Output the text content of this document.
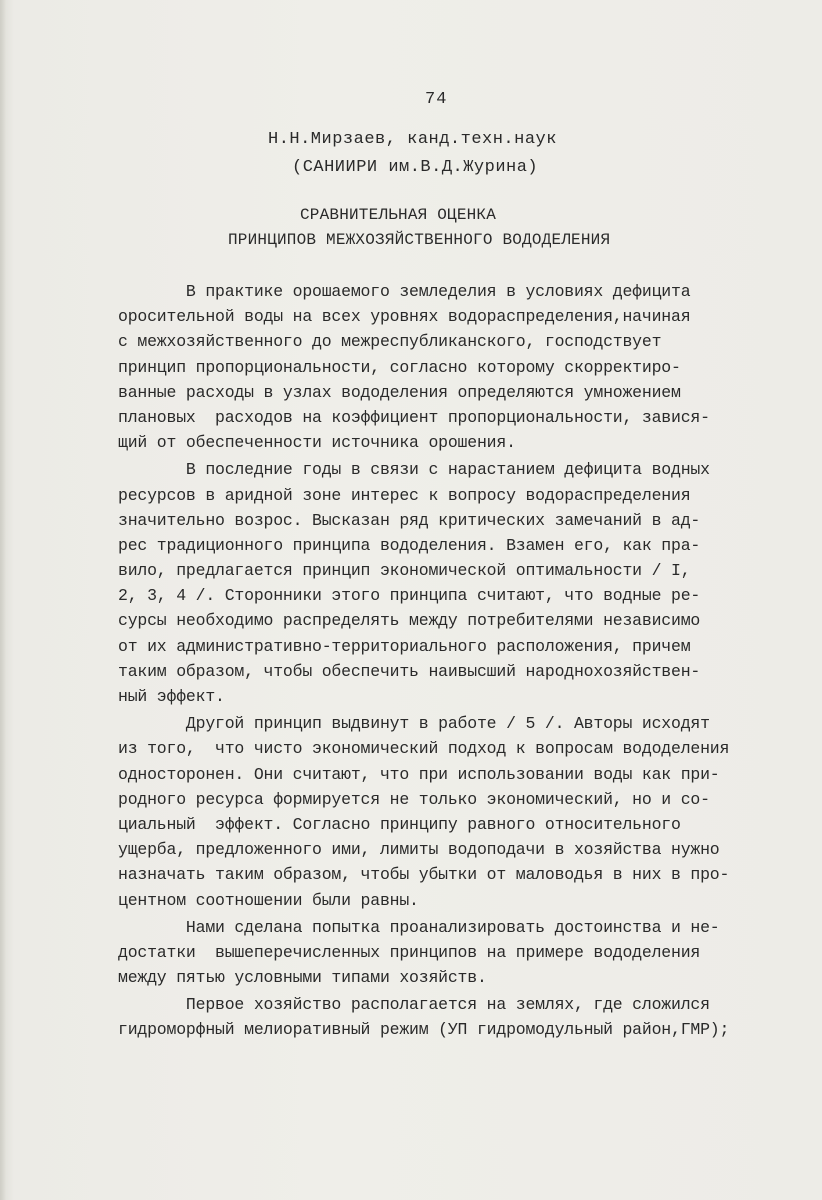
74
Н.Н.Мирзаев, канд.техн.наук
(САНИИРИ им.В.Д.Журина)
СРАВНИТЕЛЬНАЯ ОЦЕНКА
ПРИНЦИПОВ МЕЖХОЗЯЙСТВЕННОГО ВОДОДЕЛЕНИЯ
В практике орошаемого земледелия в условиях дефицита
оросительной воды на всех уровнях водораспределения,начиная
с межхозяйственного до межреспубликанского, господствует
принцип пропорциональности, согласно которому скорректиро-
ванные расходы в узлах вододеления определяются умножением
плановых  расходов на коэффициент пропорциональности, завися-
щий от обеспеченности источника орошения.
В последние годы в связи с нарастанием дефицита водных
ресурсов в аридной зоне интерес к вопросу водораспределения
значительно возрос. Высказан ряд критических замечаний в ад-
рес традиционного принципа вододеления. Взамен его, как пра-
вило, предлагается принцип экономической оптимальности / I,
2, 3, 4 /. Сторонники этого принципа считают, что водные ре-
сурсы необходимо распределять между потребителями независимо
от их административно-территориального расположения, причем
таким образом, чтобы обеспечить наивысший народнохозяйствен-
ный эффект.
Другой принцип выдвинут в работе / 5 /. Авторы исходят
из того,  что чисто экономический подход к вопросам вододеления
односторонен. Они считают, что при использовании воды как при-
родного ресурса формируется не только экономический, но и со-
циальный  эффект. Согласно принципу равного относительного
ущерба, предложенного ими, лимиты водоподачи в хозяйства нужно
назначать таким образом, чтобы убытки от маловодья в них в про-
центном соотношении были равны.
Нами сделана попытка проанализировать достоинства и не-
достатки  вышеперечисленных принципов на примере вододеления
между пятью условными типами хозяйств.
Первое хозяйство располагается на землях, где сложился
гидроморфный мелиоративный режим (УП гидромодульный район,ГМР);
